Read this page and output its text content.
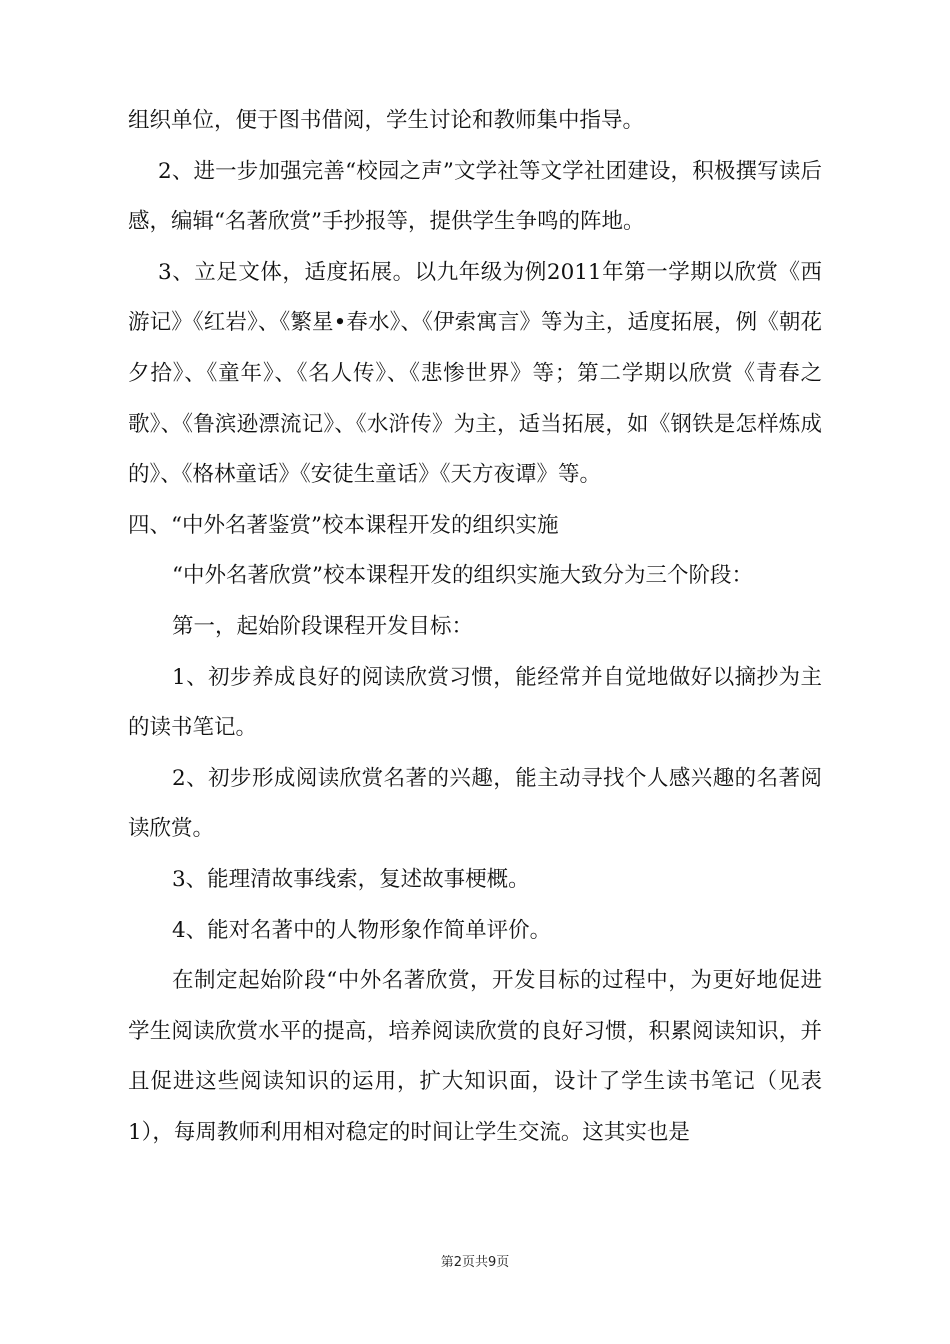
组织单位，便于图书借阅，学生讨论和教师集中指导。

2、进一步加强完善“校园之声”文学社等文学社团建设，积极撰写读后感，编辑“名著欣赏”手抄报等，提供学生争鸣的阵地。

3、立足文体，适度拓展。以九年级为例2011年第一学期以欣赏《西游记》《红岩》、《繁星•春水》、《伊索寓言》等为主，适度拓展，例《朝花夕拾》、《童年》、《名人传》、《悲惨世界》等；第二学期以欣赏《青春之歌》、《鲁滨逊漂流记》、《水浒传》为主，适当拓展，如《钢铁是怎样炼成的》、《格林童话》《安徒生童话》《天方夜谭》等。

四、“中外名著鉴赏”校本课程开发的组织实施

“中外名著欣赏”校本课程开发的组织实施大致分为三个阶段：

第一，起始阶段课程开发目标：

1、初步养成良好的阅读欣赏习惯，能经常并自觉地做好以摘抄为主的读书笔记。

2、初步形成阅读欣赏名著的兴趣，能主动寻找个人感兴趣的名著阅读欣赏。

3、能理清故事线索，复述故事梗概。

4、能对名著中的人物形象作简单评价。

在制定起始阶段“中外名著欣赏，开发目标的过程中，为更好地促进学生阅读欣赏水平的提高，培养阅读欣赏的良好习惯，积累阅读知识，并且促进这些阅读知识的运用，扩大知识面，设计了学生读书笔记（见表1），每周教师利用相对稳定的时间让学生交流。这其实也是

第2页共9页
